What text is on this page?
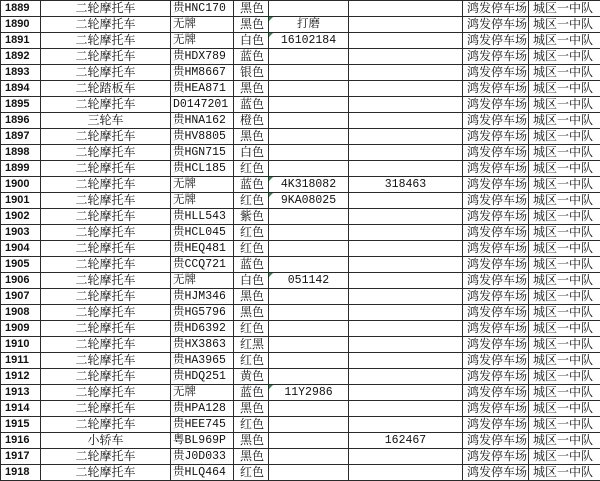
1889	二轮摩托车	贵HNC170	黑色			鸿发停车场	城区一中队
1890	二轮摩托车	无牌	黑色	打磨		鸿发停车场	城区一中队
1891	二轮摩托车	无牌	白色	16102184		鸿发停车场	城区一中队
1892	二轮摩托车	贵HDX789	蓝色			鸿发停车场	城区一中队
1893	二轮摩托车	贵HM8667	银色			鸿发停车场	城区一中队
1894	二轮踏板车	贵HEA871	黑色			鸿发停车场	城区一中队
1895	二轮摩托车	D0147201	蓝色			鸿发停车场	城区一中队
1896	三轮车	贵HNA162	橙色			鸿发停车场	城区一中队
1897	二轮摩托车	贵HV8805	黑色			鸿发停车场	城区一中队
1898	二轮摩托车	贵HGN715	白色			鸿发停车场	城区一中队
1899	二轮摩托车	贵HCL185	红色			鸿发停车场	城区一中队
1900	二轮摩托车	无牌	蓝色	4K318082	318463	鸿发停车场	城区一中队
1901	二轮摩托车	无牌	红色	9KA08025		鸿发停车场	城区一中队
1902	二轮摩托车	贵HLL543	紫色			鸿发停车场	城区一中队
1903	二轮摩托车	贵HCL045	红色			鸿发停车场	城区一中队
1904	二轮摩托车	贵HEQ481	红色			鸿发停车场	城区一中队
1905	二轮摩托车	贵CCQ721	蓝色			鸿发停车场	城区一中队
1906	二轮摩托车	无牌	白色	051142		鸿发停车场	城区一中队
1907	二轮摩托车	贵HJM346	黑色			鸿发停车场	城区一中队
1908	二轮摩托车	贵HG5796	黑色			鸿发停车场	城区一中队
1909	二轮摩托车	贵HD6392	红色			鸿发停车场	城区一中队
1910	二轮摩托车	贵HX3863	红黑			鸿发停车场	城区一中队
1911	二轮摩托车	贵HA3965	红色			鸿发停车场	城区一中队
1912	二轮摩托车	贵HDQ251	黄色			鸿发停车场	城区一中队
1913	二轮摩托车	无牌	蓝色	11Y2986		鸿发停车场	城区一中队
1914	二轮摩托车	贵HPA128	黑色			鸿发停车场	城区一中队
1915	二轮摩托车	贵HEE745	红色			鸿发停车场	城区一中队
1916	小轿车	粤BL969P	黑色		162467	鸿发停车场	城区一中队
1917	二轮摩托车	贵J0D033	黑色			鸿发停车场	城区一中队
1918	二轮摩托车	贵HLQ464	红色			鸿发停车场	城区一中队
